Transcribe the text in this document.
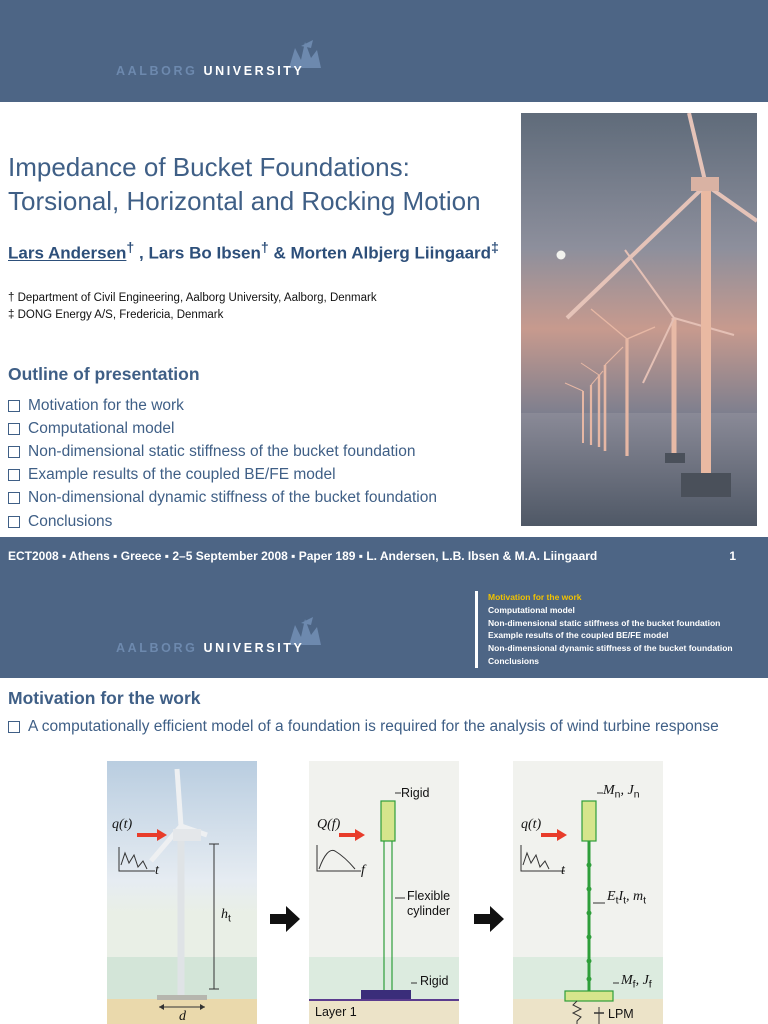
AALBORG UNIVERSITY
Impedance of Bucket Foundations:
Torsional, Horizontal and Rocking Motion
Lars Andersen† , Lars Bo Ibsen† & Morten Albjerg Liingaard‡
† Department of Civil Engineering, Aalborg University, Aalborg, Denmark
‡ DONG Energy A/S, Fredericia, Denmark
Outline of presentation
Motivation for the work
Computational model
Non-dimensional static stiffness of the bucket foundation
Example results of the coupled BE/FE model
Non-dimensional dynamic stiffness of the bucket foundation
Conclusions
ECT2008 ▪ Athens ▪ Greece ▪ 2–5 September 2008 ▪ Paper 189 ▪ L. Andersen, L.B. Ibsen & M.A. Liingaard	1
AALBORG UNIVERSITY
Motivation for the work
Computational model
Non-dimensional static stiffness of the bucket foundation
Example results of the coupled BE/FE model
Non-dimensional dynamic stiffness of the bucket foundation
Conclusions
Motivation for the work
A computationally efficient model of a foundation is required for the analysis of wind turbine response
q(t)
t
$h_t$
d
Q(f)
f
Rigid
Flexible
cylinder
Rigid
Layer 1
q(t)
t
$M_n$, $J_n$
$E_tI_t$, $m_t$
$M_f$, $J_f$
LPM
